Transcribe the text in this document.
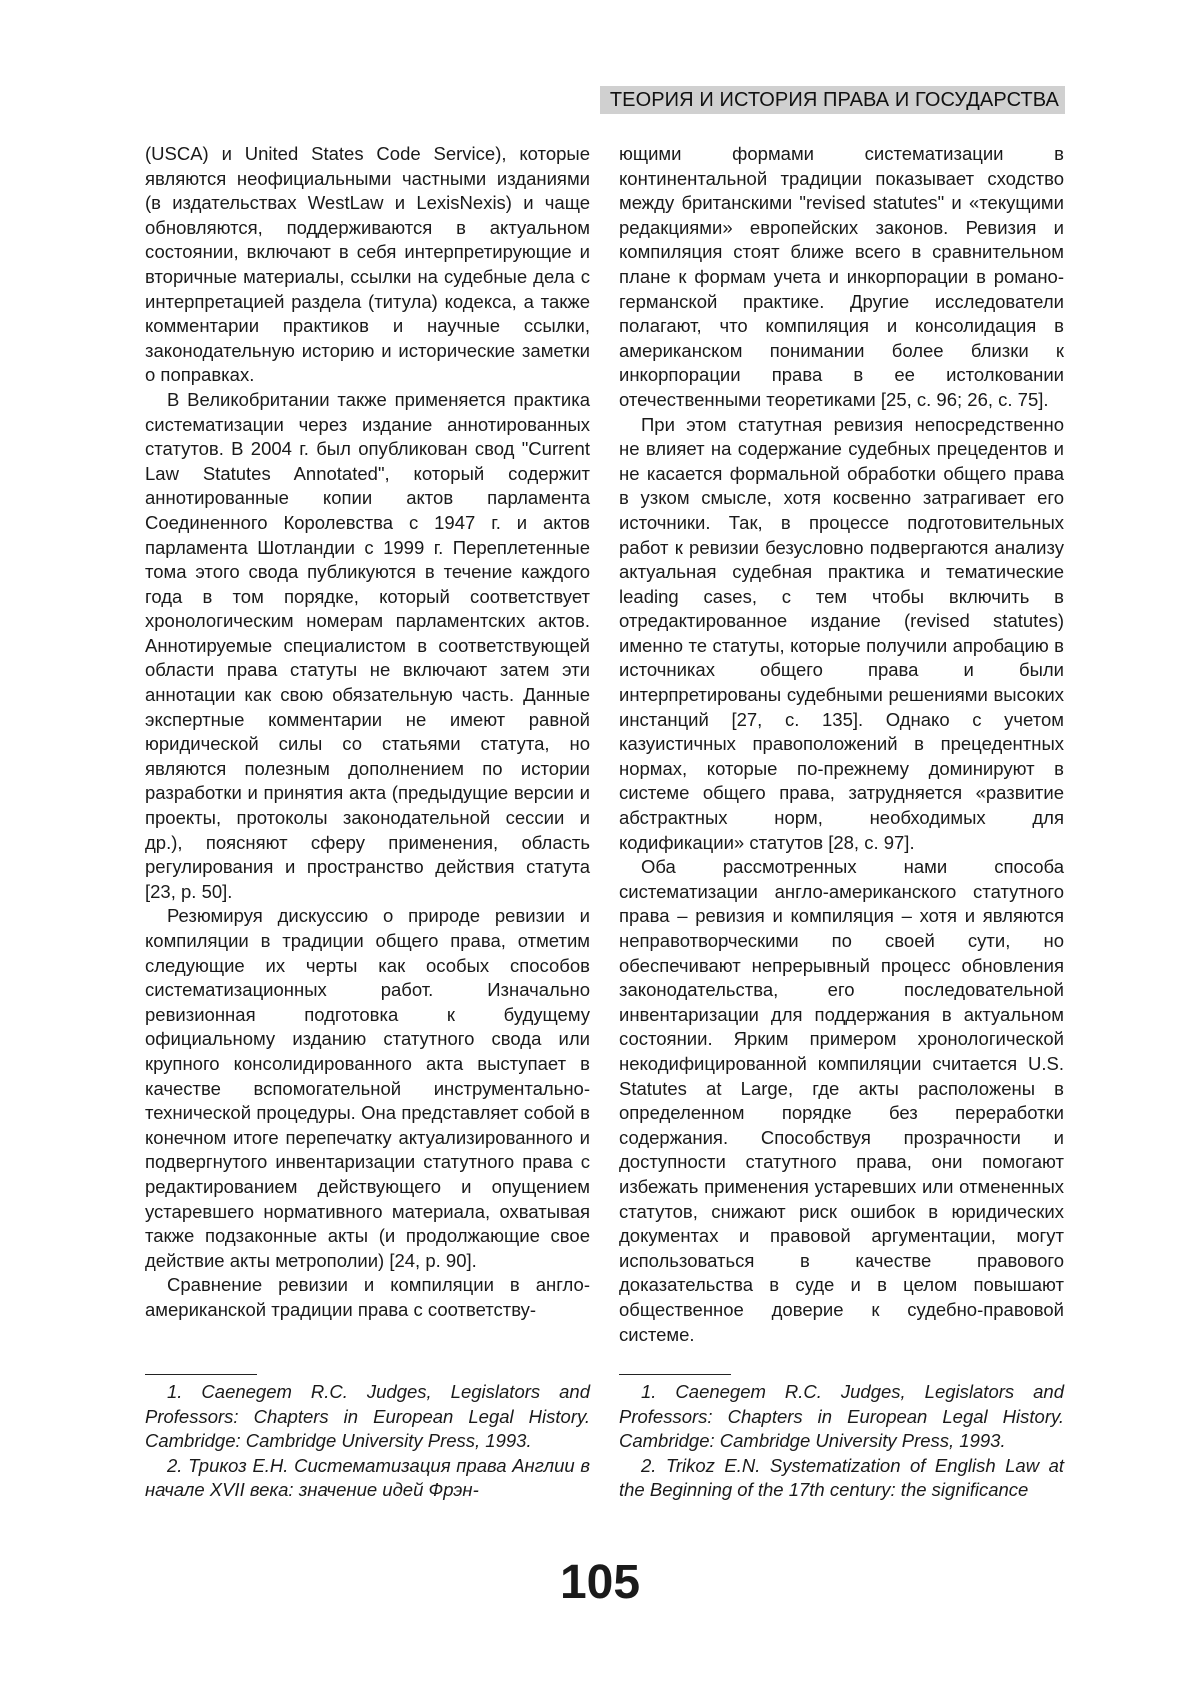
ТЕОРИЯ И ИСТОРИЯ ПРАВА И ГОСУДАРСТВА

(USCA) и United States Code Service), которые являются неофициальными частными изданиями (в издательствах WestLaw и LexisNexis) и чаще обновляются, поддерживаются в актуальном состоянии, включают в себя интерпретирующие и вторичные материалы, ссылки на судебные дела с интерпретацией раздела (титула) кодекса, а также комментарии практиков и научные ссылки, законодательную историю и исторические заметки о поправках.

В Великобритании также применяется практика систематизации через издание аннотированных статутов. В 2004 г. был опубликован свод "Current Law Statutes Annotated", который содержит аннотированные копии актов парламента Соединенного Королевства с 1947 г. и актов парламента Шотландии с 1999 г. Переплетенные тома этого свода публикуются в течение каждого года в том порядке, который соответствует хронологическим номерам парламентских актов. Аннотируемые специалистом в соответствующей области права статуты не включают затем эти аннотации как свою обязательную часть. Данные экспертные комментарии не имеют равной юридической силы со статьями статута, но являются полезным дополнением по истории разработки и принятия акта (предыдущие версии и проекты, протоколы законодательной сессии и др.), поясняют сферу применения, область регулирования и пространство действия статута [23, p. 50].

Резюмируя дискуссию о природе ревизии и компиляции в традиции общего права, отметим следующие их черты как особых способов систематизационных работ. Изначально ревизионная подготовка к будущему официальному изданию статутного свода или крупного консолидированного акта выступает в качестве вспомогательной инструментально-технической процедуры. Она представляет собой в конечном итоге перепечатку актуализированного и подвергнутого инвентаризации статутного права с редактированием действующего и опущением устаревшего нормативного материала, охватывая также подзаконные акты (и продолжающие свое действие акты метрополии) [24, p. 90].

Сравнение ревизии и компиляции в англо-американской традиции права с соответству-

ющими формами систематизации в континентальной традиции показывает сходство между британскими "revised statutes" и «текущими редакциями» европейских законов. Ревизия и компиляция стоят ближе всего в сравнительном плане к формам учета и инкорпорации в романо-германской практике. Другие исследователи полагают, что компиляция и консолидация в американском понимании более близки к инкорпорации права в ее истолковании отечественными теоретиками [25, с. 96; 26, с. 75].

При этом статутная ревизия непосредственно не влияет на содержание судебных прецедентов и не касается формальной обработки общего права в узком смысле, хотя косвенно затрагивает его источники. Так, в процессе подготовительных работ к ревизии безусловно подвергаются анализу актуальная судебная практика и тематические leading cases, с тем чтобы включить в отредактированное издание (revised statutes) именно те статуты, которые получили апробацию в источниках общего права и были интерпретированы судебными решениями высоких инстанций [27, с. 135]. Однако с учетом казуистичных правоположений в прецедентных нормах, которые по-прежнему доминируют в системе общего права, затрудняется «развитие абстрактных норм, необходимых для кодификации» статутов [28, с. 97].

Оба рассмотренных нами способа систематизации англо-американского статутного права – ревизия и компиляция – хотя и являются неправотворческими по своей сути, но обеспечивают непрерывный процесс обновления законодательства, его последовательной инвентаризации для поддержания в актуальном состоянии. Ярким примером хронологической некодифицированной компиляции считается U.S. Statutes at Large, где акты расположены в определенном порядке без переработки содержания. Способствуя прозрачности и доступности статутного права, они помогают избежать применения устаревших или отмененных статутов, снижают риск ошибок в юридических документах и правовой аргументации, могут использоваться в качестве правового доказательства в суде и в целом повышают общественное доверие к судебно-правовой системе.

1. Caenegem R.C. Judges, Legislators and Professors: Chapters in European Legal History. Cambridge: Cambridge University Press, 1993.

2. Трикоз Е.Н. Систематизация права Англии в начале XVII века: значение идей Фрэн-

1. Caenegem R.C. Judges, Legislators and Professors: Chapters in European Legal History. Cambridge: Cambridge University Press, 1993.

2. Trikoz E.N. Systematization of English Law at the Beginning of the 17th century: the significance

105
